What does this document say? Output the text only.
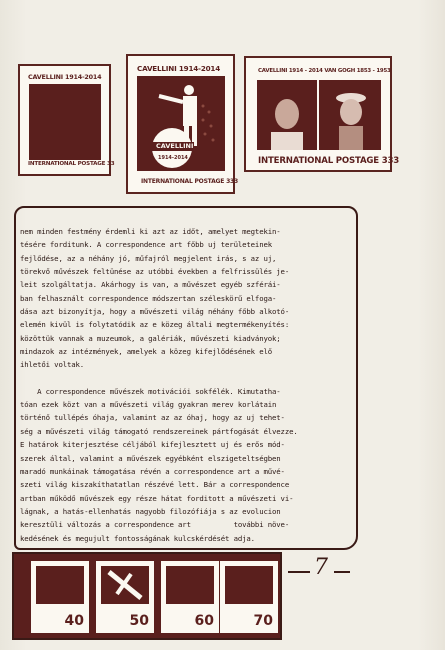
CAVELLINI 1914-2014
INTERNATIONAL POSTAGE 33
CAVELLINI 1914-2014
CAVELLINI
1914-2014
INTERNATIONAL POSTAGE 333
CAVELLINI 1914 - 2014 VAN GOGH 1853 - 1953
INTERNATIONAL POSTAGE 333
nem minden festmény érdemli ki azt az időt, amelyet megtekin-
tésére forditunk. A correspondence art főbb uj területeinek
fejlődése, az a néhány jó, műfajról megjelent irás, s az uj,
törekvő művészek feltünése az utóbbi években a felfrissülés je-
leit szolgáltatja. Akárhogy is van, a művészet egyéb szférái-
ban felhasznált correspondence módszertan széleskörű elfoga-
dása azt bizonyítja, hogy a művészeti világ néhány főbb alkotó-
elemén kivül is folytatódik az e közeg általi megtermékenyítés:
közöttük vannak a muzeumok, a galériák, művészeti kiadványok;
mindazok az intézmények, amelyek a közeg kifejlődésének elő
ihletői voltak.
A correspondence művészek motivációi sokfélék. Kimutatha-
tóan ezek közt van a művészeti világ gyakran merev korlátain
történő tullépés óhaja, valamint az az óhaj, hogy az uj tehet-
ség a művészeti világ támogató rendszereinek pártfogását élvezze.
E határok kiterjesztése céljából kifejlesztett uj és erős mód-
szerek által, valamint a művészek egyébként elszigeteltségben
maradó munkáinak támogatása révén a correspondence art a művé-
szeti világ kiszakíthatatlan részévé lett. Bár a correspondence
artban működő művészek egy része hátat forditott a művészeti vi-
lágnak, a hatás-ellenhatás nagyobb filozófiája s az evolucion
keresztüli változás a correspondence art          további növe-
kedésének és megujult fontosságának kulcskérdését adja.
7
40	50	60	70
